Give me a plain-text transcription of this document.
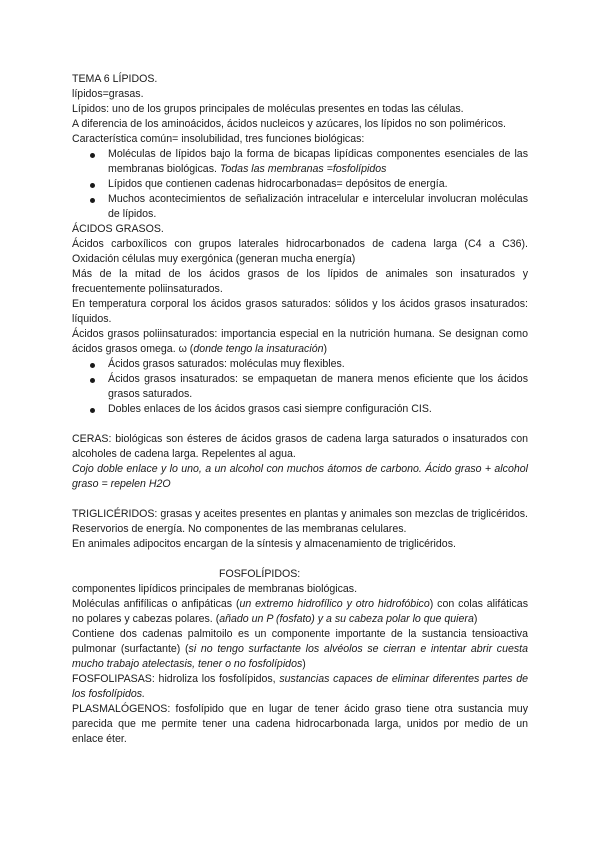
TEMA 6 LÍPIDOS.

lípidos=grasas.

Lípidos: uno de los grupos principales de moléculas presentes en todas las células.

A diferencia de los aminoácidos, ácidos nucleicos y azúcares, los lípidos no son poliméricos.

Característica común= insolubilidad, tres funciones biológicas:

Moléculas de lípidos bajo la forma de bicapas lipídicas componentes esenciales de las membranas biológicas. Todas las membranas =fosfolípidos
Lípidos que contienen cadenas hidrocarbonadas= depósitos de energía.
Muchos acontecimientos de señalización intracelular e intercelular involucran moléculas de lípidos.

ÁCIDOS GRASOS.

Ácidos carboxílicos con grupos laterales hidrocarbonados de cadena larga (C4 a C36). Oxidación células muy exergónica (generan mucha energía)

Más de la mitad de los ácidos grasos de los lípidos de animales son insaturados y frecuentemente poliinsaturados.

En temperatura corporal los ácidos grasos saturados: sólidos y los ácidos grasos insaturados: líquidos.

Ácidos grasos poliinsaturados: importancia especial en la nutrición humana. Se designan como ácidos grasos omega. ω (donde tengo la insaturación)

Ácidos grasos saturados: moléculas muy flexibles.
Ácidos grasos insaturados: se empaquetan de manera menos eficiente que los ácidos grasos saturados.
Dobles enlaces de los ácidos grasos casi siempre configuración CIS.

CERAS: biológicas son ésteres de ácidos grasos de cadena larga saturados o insaturados con alcoholes de cadena larga. Repelentes al agua.

Cojo doble enlace y lo uno, a un alcohol con muchos átomos de carbono. Ácido graso + alcohol graso = repelen H2O

TRIGLICÉRIDOS: grasas y aceites presentes en plantas y animales son mezclas de triglicéridos. Reservorios de energía. No componentes de las membranas celulares.

En animales adipocitos encargan de la síntesis y almacenamiento de triglicéridos.

FOSFOLÍPIDOS:

componentes lipídicos principales de membranas biológicas.

Moléculas anfifílicas o anfipáticas (un extremo hidrofílico y otro hidrofóbico) con colas alifáticas no polares y cabezas polares. (añado un P (fosfato) y a su cabeza polar lo que quiera)

Contiene dos cadenas palmitoilo es un componente importante de la sustancia tensioactiva pulmonar (surfactante) (si no tengo surfactante los alvéolos se cierran e intentar abrir cuesta mucho trabajo atelectasis, tener o no fosfolípidos)

FOSFOLIPASAS: hidroliza los fosfolípidos, sustancias capaces de eliminar diferentes partes de los fosfolípidos.

PLASMALÓGENOS: fosfolípido que en lugar de tener ácido graso tiene otra sustancia muy parecida que me permite tener una cadena hidrocarbonada larga, unidos por medio de un enlace éter.
